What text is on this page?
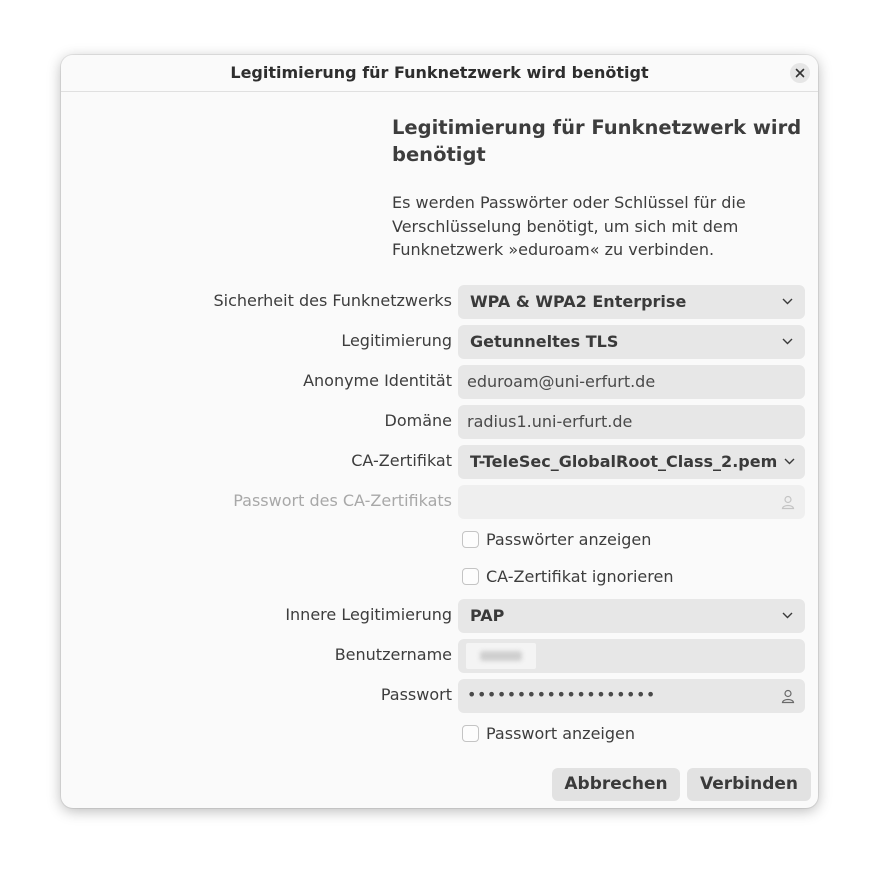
Legitimierung für Funknetzwerk wird benötigt
Legitimierung für Funknetzwerk wird benötigt
Es werden Passwörter oder Schlüssel für die Verschlüsselung benötigt, um sich mit dem Funknetzwerk »eduroam« zu verbinden.
Sicherheit des Funknetzwerks WPA & WPA2 Enterprise
Legitimierung Getunneltes TLS
Anonyme Identität eduroam@uni-erfurt.de
Domäne radius1.uni-erfurt.de
CA-Zertifikat T-TeleSec_GlobalRoot_Class_2.pem
Passwort des CA-Zertifikats
Passwörter anzeigen
CA-Zertifikat ignorieren
Innere Legitimierung PAP
Benutzername
Passwort •••••••••••••••••••
Passwort anzeigen
Abbrechen	Verbinden
